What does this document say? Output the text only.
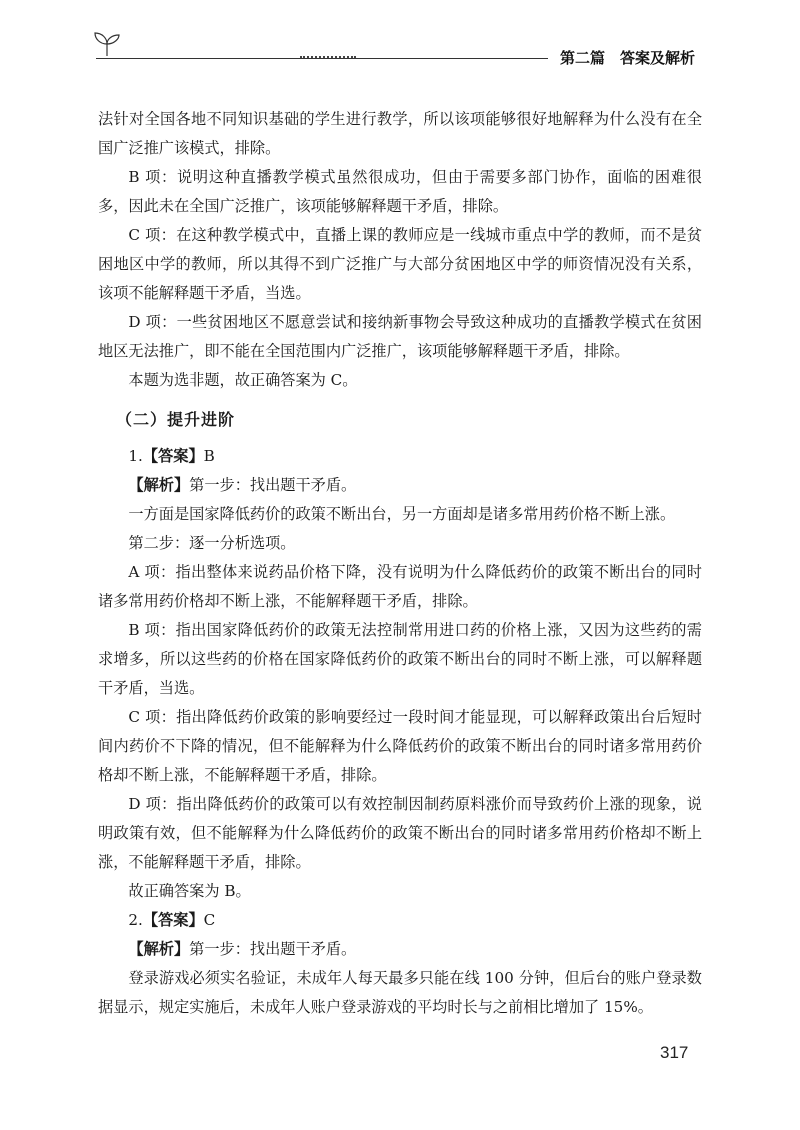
第二篇　答案及解析

法针对全国各地不同知识基础的学生进行教学，所以该项能够很好地解释为什么没有在全国广泛推广该模式，排除。

B 项：说明这种直播教学模式虽然很成功，但由于需要多部门协作，面临的困难很多，因此未在全国广泛推广，该项能够解释题干矛盾，排除。

C 项：在这种教学模式中，直播上课的教师应是一线城市重点中学的教师，而不是贫困地区中学的教师，所以其得不到广泛推广与大部分贫困地区中学的师资情况没有关系，该项不能解释题干矛盾，当选。

D 项：一些贫困地区不愿意尝试和接纳新事物会导致这种成功的直播教学模式在贫困地区无法推广，即不能在全国范围内广泛推广，该项能够解释题干矛盾，排除。

本题为选非题，故正确答案为 C。

（二）提升进阶

1.【答案】B

【解析】第一步：找出题干矛盾。

一方面是国家降低药价的政策不断出台，另一方面却是诸多常用药价格不断上涨。

第二步：逐一分析选项。

A 项：指出整体来说药品价格下降，没有说明为什么降低药价的政策不断出台的同时诸多常用药价格却不断上涨，不能解释题干矛盾，排除。

B 项：指出国家降低药价的政策无法控制常用进口药的价格上涨，又因为这些药的需求增多，所以这些药的价格在国家降低药价的政策不断出台的同时不断上涨，可以解释题干矛盾，当选。

C 项：指出降低药价政策的影响要经过一段时间才能显现，可以解释政策出台后短时间内药价不下降的情况，但不能解释为什么降低药价的政策不断出台的同时诸多常用药价格却不断上涨，不能解释题干矛盾，排除。

D 项：指出降低药价的政策可以有效控制因制药原料涨价而导致药价上涨的现象，说明政策有效，但不能解释为什么降低药价的政策不断出台的同时诸多常用药价格却不断上涨，不能解释题干矛盾，排除。

故正确答案为 B。

2.【答案】C

【解析】第一步：找出题干矛盾。

登录游戏必须实名验证，未成年人每天最多只能在线 100 分钟，但后台的账户登录数据显示，规定实施后，未成年人账户登录游戏的平均时长与之前相比增加了 15%。

317
